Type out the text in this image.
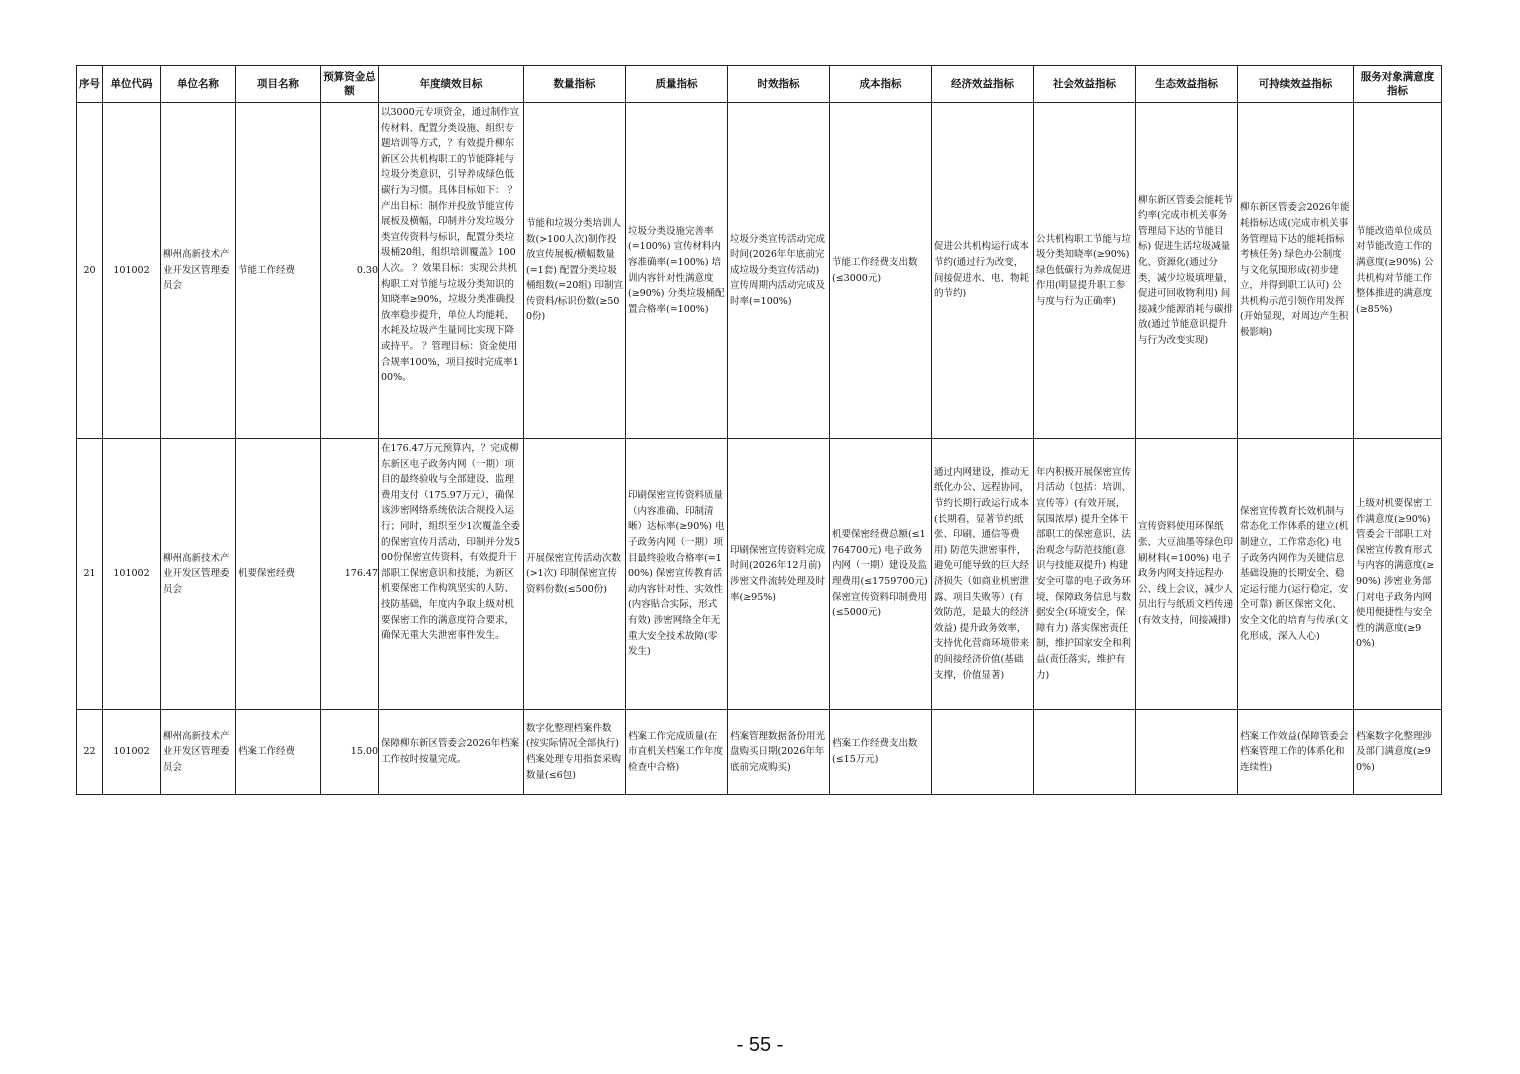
序号	单位代码	单位名称	项目名称	预算资金总额	年度绩效目标	数量指标	质量指标	时效指标	成本指标	经济效益指标	社会效益指标	生态效益指标	可持续效益指标	服务对象满意度指标
20	101002	柳州高新技术产业开发区管理委员会	节能工作经费	0.30	以3000元专项资金，通过制作宣传材料、配置分类设施、组织专题培训等方式，？有效提升柳东新区公共机构职工的节能降耗与垃圾分类意识，引导养成绿色低碳行为习惯。具体目标如下： ？产出目标：制作并投放节能宣传展板及横幅，印制并分发垃圾分类宣传资料与标识，配置分类垃圾桶20组，组织培训覆盖》100人次。 ？效果目标：实现公共机构职工对节能与垃圾分类知识的知晓率≥90%，垃圾分类准确投放率稳步提升，单位人均能耗、水耗及垃圾产生量同比实现下降或持平。 ？管理目标：资金使用合规率100%，项目按时完成率100%。	节能和垃圾分类培训人数(>100人次)制作投放宣传展板/横幅数量(=1套) 配置分类垃圾桶组数(=20组) 印制宣传资料/标识份数(≥500份)	垃圾分类设施完善率(=100%) 宣传材料内容准确率(=100%) 培训内容针对性满意度(≥90%) 分类垃圾桶配置合格率(=100%)	垃圾分类宣传活动完成时间(2026年年底前完成垃圾分类宣传活动) 宣传周期内活动完成及时率(=100%)	节能工作经费支出数(≤3000元)	促进公共机构运行成本节约(通过行为改变，间接促进水、电、物耗的节约)	公共机构职工节能与垃圾分类知晓率(≥90%) 绿色低碳行为养成促进作用(明显提升职工参与度与行为正确率)	柳东新区管委会能耗节约率(完成市机关事务管理局下达的节能目标) 促进生活垃圾减量化、资源化(通过分类，减少垃圾填埋量，促进可回收物利用) 间接减少能源消耗与碳排放(通过节能意识提升与行为改变实现)	柳东新区管委会2026年能耗指标达成(完成市机关事务管理局下达的能耗指标考核任务) 绿色办公制度与文化氛围形成(初步建立，并得到职工认可) 公共机构示范引领作用发挥(开始显现，对周边产生积极影响)	节能改造单位成员对节能改造工作的满意度(≥90%) 公共机构对节能工作整体推进的满意度(≥85%)
21	101002	柳州高新技术产业开发区管理委员会	机要保密经费	176.47	在176.47万元预算内，？完成柳东新区电子政务内网（一期）项目的最终验收与全部建设、监理费用支付（175.97万元），确保该涉密网络系统依法合规投入运行；同时，组织至少1次覆盖全委的保密宣传月活动，印制并分发500份保密宣传资料，有效提升干部职工保密意识和技能，为新区机要保密工作构筑坚实的人防、技防基础，年度内争取上级对机要保密工作的满意度符合要求，确保无重大失泄密事件发生。	开展保密宣传活动次数(>1次) 印制保密宣传资料份数(≤500份)	印刷保密宣传资料质量（内容准确、印制清晰）达标率(≥90%) 电子政务内网（一期）项目最终验收合格率(=100%) 保密宣传教育活动内容针对性、实效性(内容贴合实际，形式有效) 涉密网络全年无重大安全技术故障(零发生)	印刷保密宣传资料完成时间(2026年12月前) 涉密文件流转处理及时率(≥95%)	机要保密经费总额(≤1764700元) 电子政务内网（一期）建设及监理费用(≤1759700元) 保密宣传资料印制费用(≤5000元)	通过内网建设，推动无纸化办公、远程协同，节约长期行政运行成本(长期看，显著节约纸张、印刷、通信等费用) 防范失泄密事件，避免可能导致的巨大经济损失（如商业机密泄露、项目失败等）(有效防范，是最大的经济效益) 提升政务效率，支持优化营商环境带来的间接经济价值(基础支撑，价值显著)	年内积极开展保密宣传月活动（包括：培训、宣传等）(有效开展，氛围浓厚) 提升全体干部职工的保密意识、法治观念与防范技能(意识与技能双提升) 构建安全可靠的电子政务环境，保障政务信息与数据安全(环境安全，保障有力) 落实保密责任制，维护国家安全和利益(责任落实，维护有力)	宣传资料使用环保纸张、大豆油墨等绿色印刷材料(=100%) 电子政务内网支持远程办公、线上会议，减少人员出行与纸质文档传递(有效支持，间接减排)	保密宣传教育长效机制与常态化工作体系的建立(机制建立，工作常态化) 电子政务内网作为关键信息基础设施的长期安全、稳定运行能力(运行稳定，安全可靠) 新区保密文化、安全文化的培育与传承(文化形成，深入人心)	上级对机要保密工作满意度(≥90%) 管委会干部职工对保密宣传教育形式与内容的满意度(≥90%) 涉密业务部门对电子政务内网使用便捷性与安全性的满意度(≥90%)
22	101002	柳州高新技术产业开发区管理委员会	档案工作经费	15.00	保障柳东新区管委会2026年档案工作按时按量完成。	数字化整理档案件数(按实际情况全部执行) 档案处理专用指套采购数量(≤6包)	档案工作完成质量(在市直机关档案工作年度检查中合格)	档案管理数据备份用光盘购买日期(2026年年底前完成购买)	档案工作经费支出数(≤15万元)				档案工作效益(保障管委会档案管理工作的体系化和连续性)	档案数字化整理涉及部门满意度(≥90%)
- 55 -
